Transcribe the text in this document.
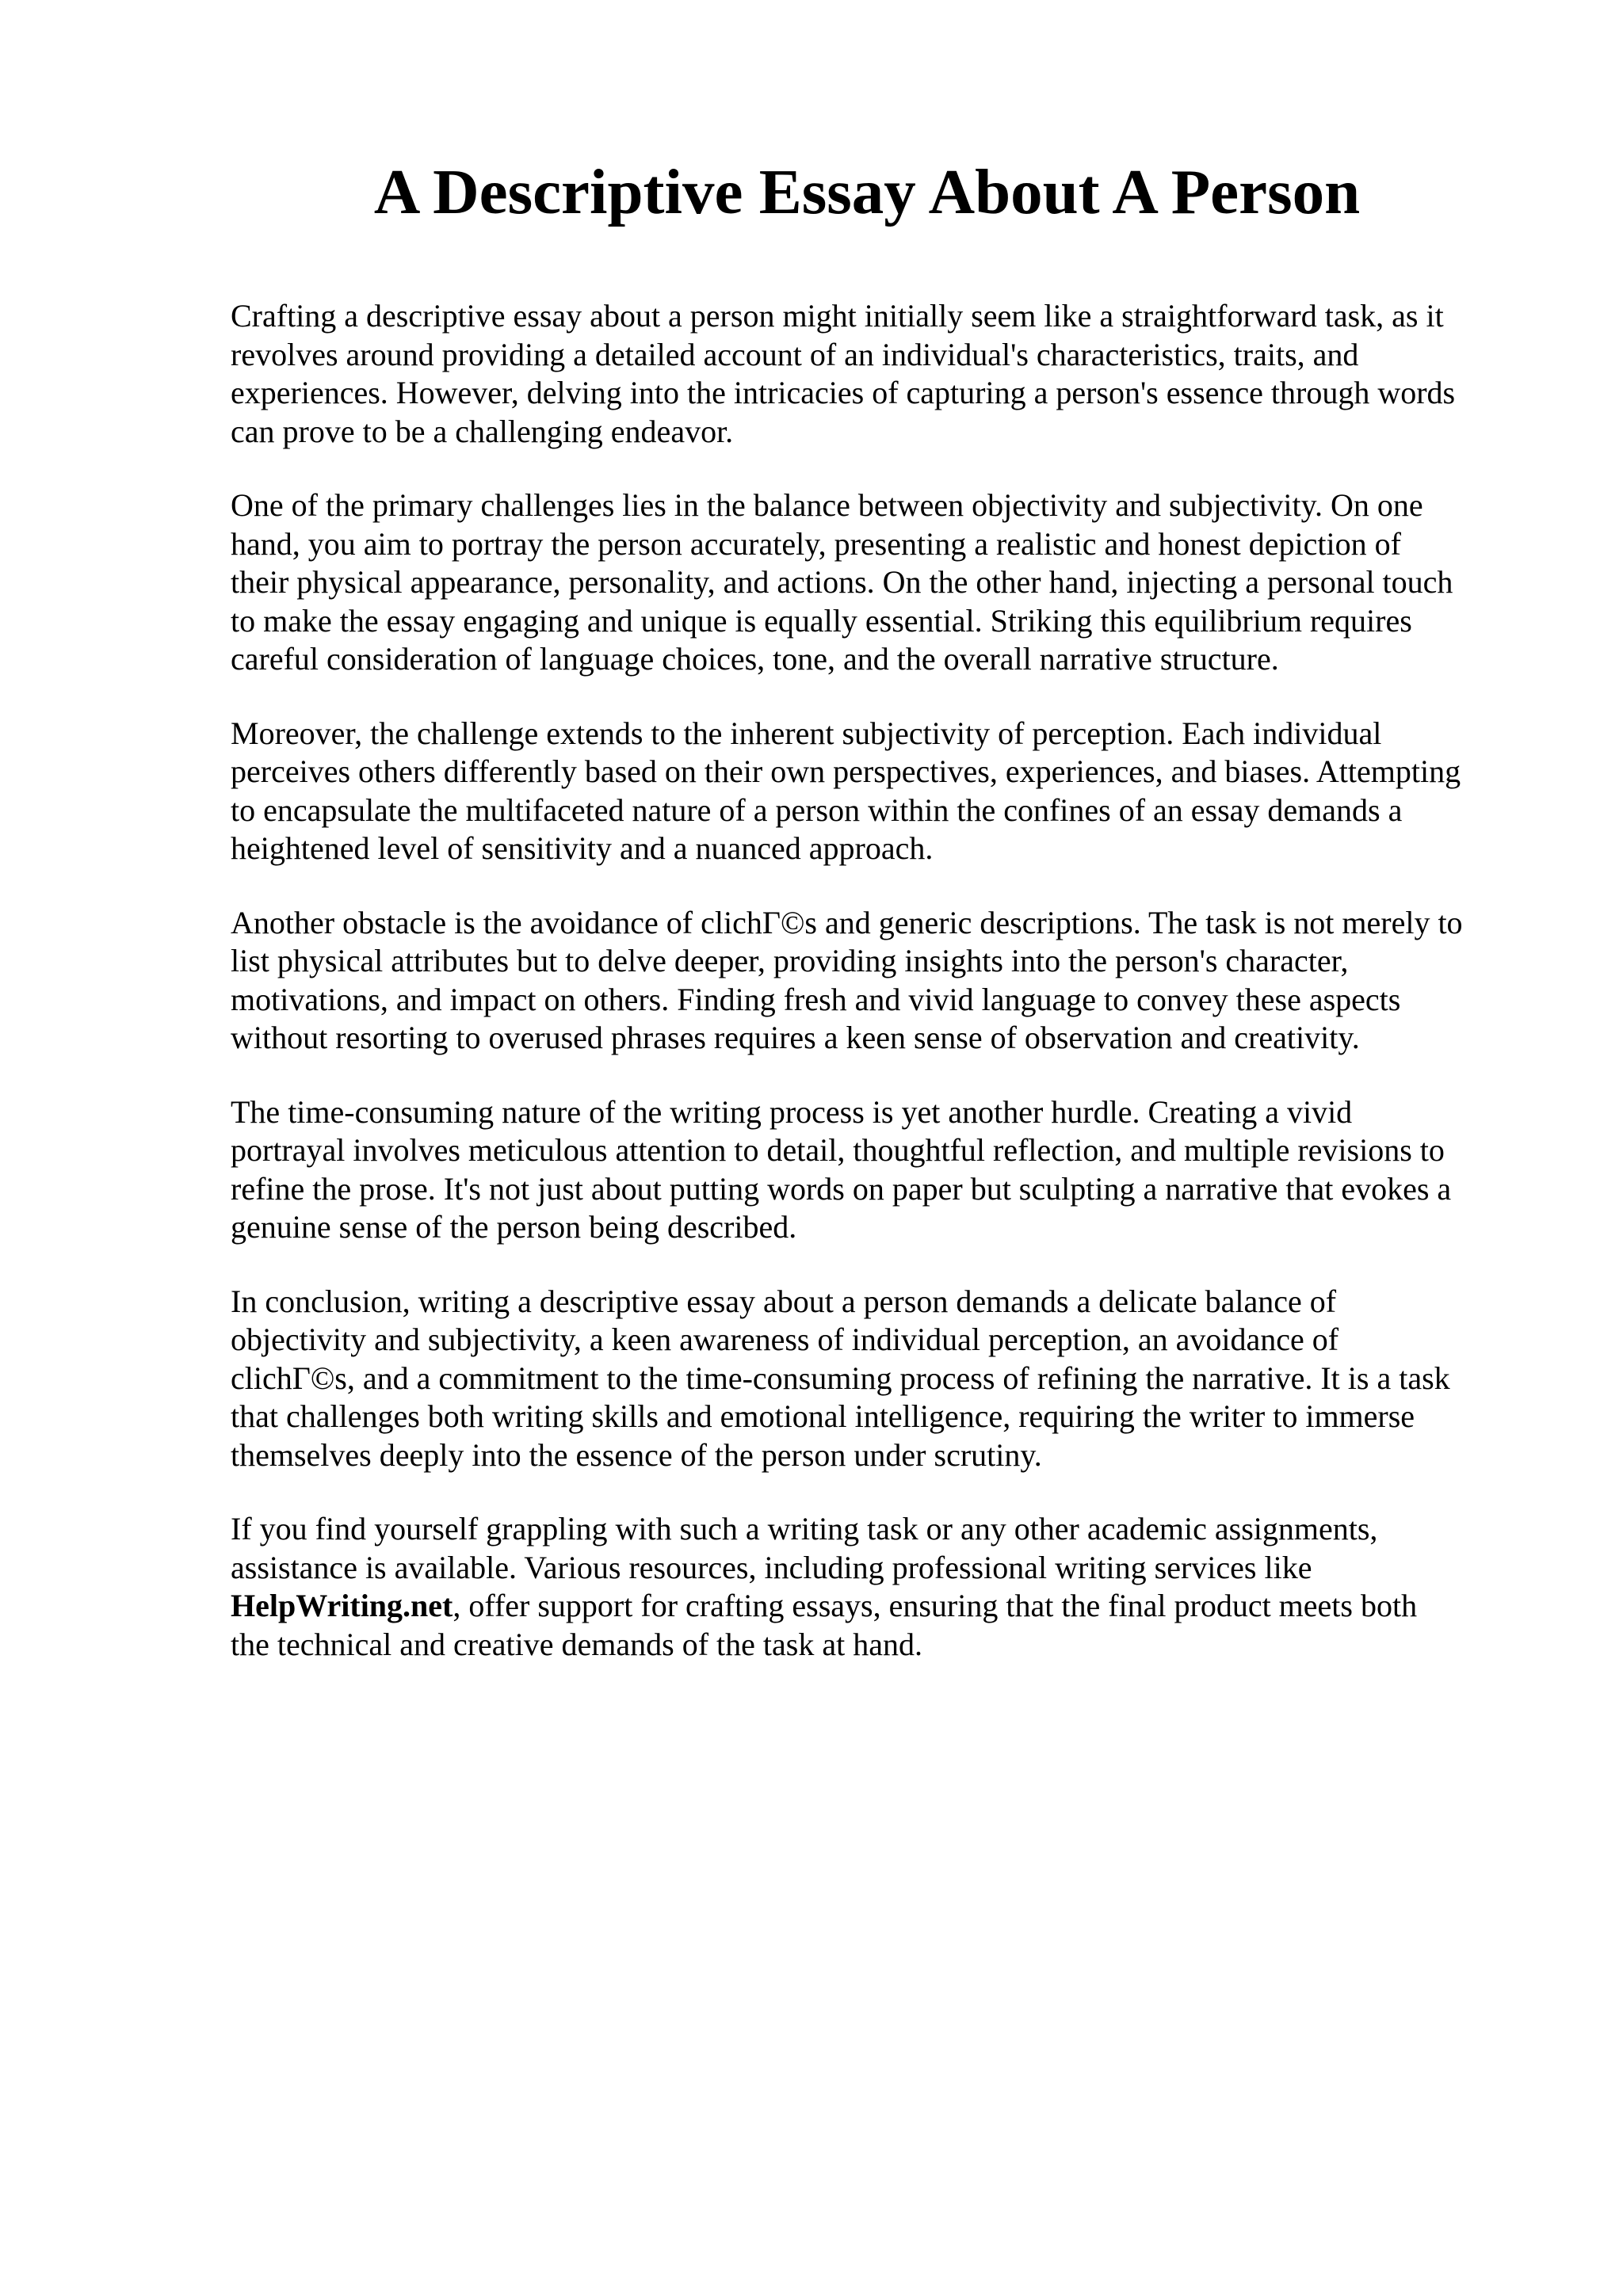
A Descriptive Essay About A Person

Crafting a descriptive essay about a person might initially seem like a straightforward task, as it
revolves around providing a detailed account of an individual's characteristics, traits, and
experiences. However, delving into the intricacies of capturing a person's essence through words
can prove to be a challenging endeavor.

One of the primary challenges lies in the balance between objectivity and subjectivity. On one
hand, you aim to portray the person accurately, presenting a realistic and honest depiction of
their physical appearance, personality, and actions. On the other hand, injecting a personal touch
to make the essay engaging and unique is equally essential. Striking this equilibrium requires
careful consideration of language choices, tone, and the overall narrative structure.

Moreover, the challenge extends to the inherent subjectivity of perception. Each individual
perceives others differently based on their own perspectives, experiences, and biases. Attempting
to encapsulate the multifaceted nature of a person within the confines of an essay demands a
heightened level of sensitivity and a nuanced approach.

Another obstacle is the avoidance of clichΓ©s and generic descriptions. The task is not merely to
list physical attributes but to delve deeper, providing insights into the person's character,
motivations, and impact on others. Finding fresh and vivid language to convey these aspects
without resorting to overused phrases requires a keen sense of observation and creativity.

The time-consuming nature of the writing process is yet another hurdle. Creating a vivid
portrayal involves meticulous attention to detail, thoughtful reflection, and multiple revisions to
refine the prose. It's not just about putting words on paper but sculpting a narrative that evokes a
genuine sense of the person being described.

In conclusion, writing a descriptive essay about a person demands a delicate balance of
objectivity and subjectivity, a keen awareness of individual perception, an avoidance of
clichΓ©s, and a commitment to the time-consuming process of refining the narrative. It is a task
that challenges both writing skills and emotional intelligence, requiring the writer to immerse
themselves deeply into the essence of the person under scrutiny.

If you find yourself grappling with such a writing task or any other academic assignments,
assistance is available. Various resources, including professional writing services like
HelpWriting.net, offer support for crafting essays, ensuring that the final product meets both
the technical and creative demands of the task at hand.
